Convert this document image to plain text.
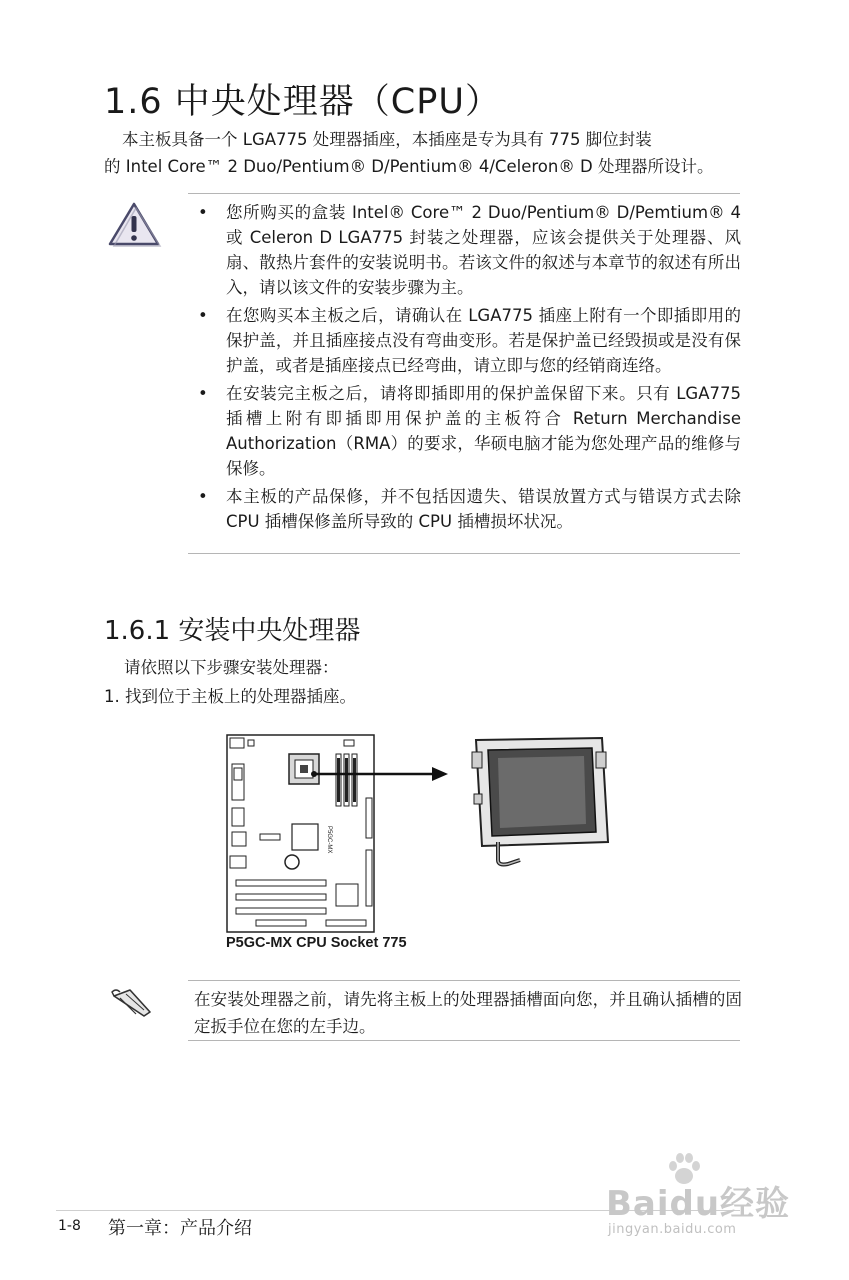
1.6 中央处理器（CPU）

本主板具备一个 LGA775 处理器插座，本插座是专为具有 775 脚位封装

的 Intel Core™ 2 Duo/Pentium® D/Pentium® 4/Celeron® D 处理器所设计。
• 您所购买的盒装 Intel® Core™ 2 Duo/Pentium® D/Pemtium® 4 或 Celeron D LGA775 封装之处理器，应该会提供关于处理器、风扇、散热片套件的安装说明书。若该文件的叙述与本章节的叙述有所出入，请以该文件的安装步骤为主。
• 在您购买本主板之后，请确认在 LGA775 插座上附有一个即插即用的保护盖，并且插座接点没有弯曲变形。若是保护盖已经毁损或是没有保护盖，或者是插座接点已经弯曲，请立即与您的经销商连络。
• 在安装完主板之后，请将即插即用的保护盖保留下来。只有 LGA775 插槽上附有即插即用保护盖的主板符合 Return Merchandise Authorization（RMA）的要求，华硕电脑才能为您处理产品的维修与保修。
• 本主板的产品保修，并不包括因遗失、错误放置方式与错误方式去除 CPU 插槽保修盖所导致的 CPU 插槽损坏状况。
1.6.1 安装中央处理器
请依照以下步骤安装处理器：
1. 找到位于主板上的处理器插座。
P5GC-MX
P5GC-MX CPU Socket 775
在安装处理器之前，请先将主板上的处理器插槽面向您，并且确认插槽的固定扳手位在您的左手边。
1-8 第一章：产品介绍
Baidu经验
jingyan.baidu.com
